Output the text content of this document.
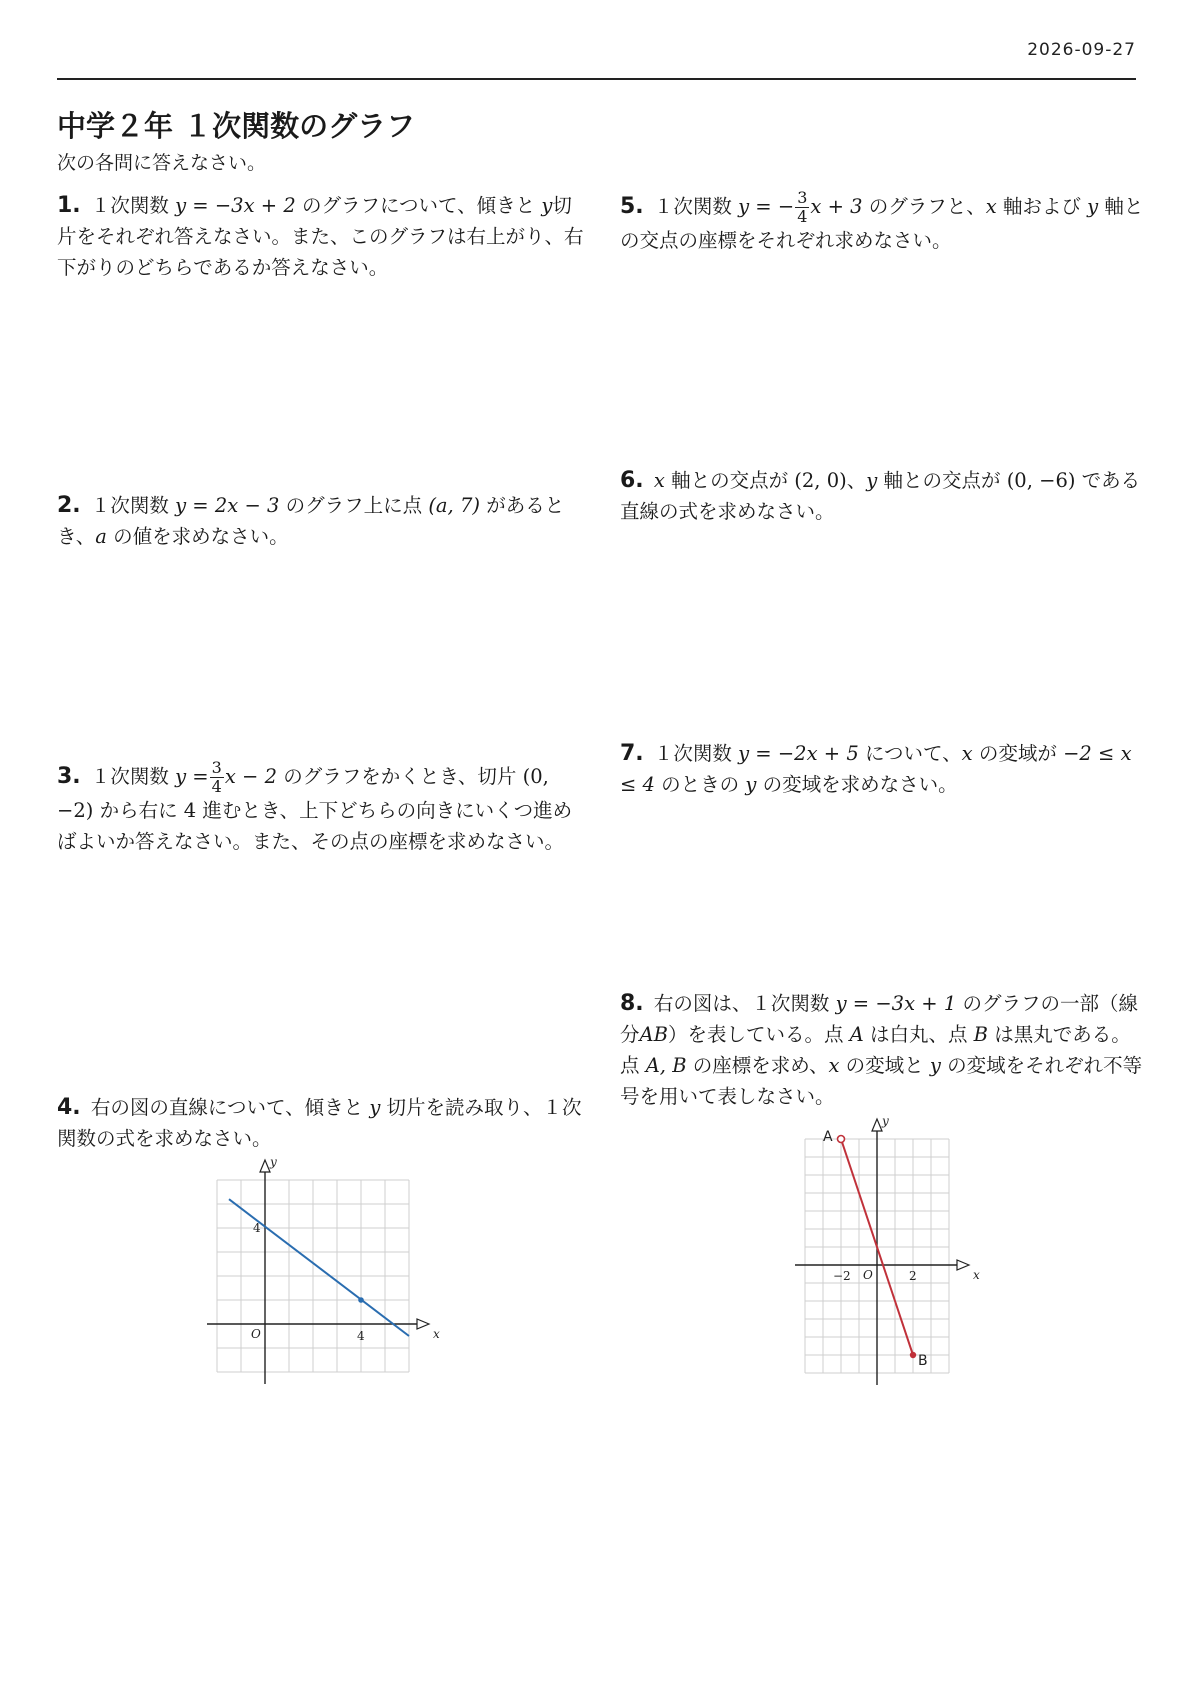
2026-09-27
中学２年 １次関数のグラフ
次の各問に答えなさい。
1. １次関数 y = −3x + 2 のグラフについて、傾きと y切片をそれぞれ答えなさい。また、このグラフは右上がり、右下がりのどちらであるか答えなさい。
2. １次関数 y = 2x − 3 のグラフ上に点 (a, 7) があるとき、a の値を求めなさい。
3. １次関数 $y = \frac{3}{4}$ x − 2 のグラフをかくとき、切片 (0, −2) から右に 4 進むとき、上下どちらの向きにいくつ進めばよいか答えなさい。また、その点の座標を求めなさい。
4. 右の図の直線について、傾きと y 切片を読み取り、１次関数の式を求めなさい。
x
y
O	4
4
5. １次関数 y = − $\frac{3}{4}$ x + 3 のグラフと、x 軸および y 軸との交点の座標をそれぞれ求めなさい。
6. x 軸との交点が (2, 0)、y 軸との交点が (0, −6) である直線の式を求めなさい。
7. １次関数 y = −2x + 5 について、x の変域が −2 ≤ x ≤ 4 のときの y の変域を求めなさい。
8. 右の図は、１次関数 y = −3x + 1 のグラフの一部（線分AB）を表している。点 A は白丸、点 B は黒丸である。点 A, B の座標を求め、x の変域と y の変域をそれぞれ不等号を用いて表しなさい。
x
y
O
−2	2
A
B
